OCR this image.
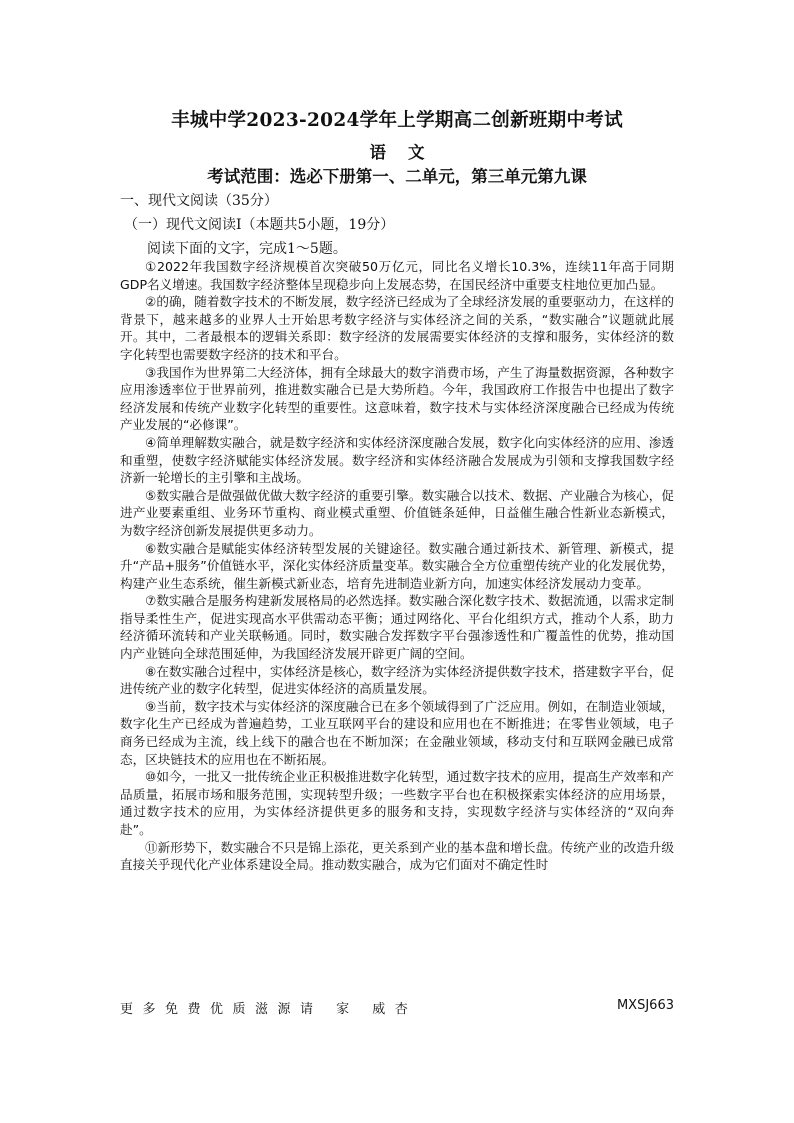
丰城中学2023-2024学年上学期高二创新班期中考试
语 文
考试范围：选必下册第一、二单元，第三单元第九课
一、现代文阅读（35分）
（一）现代文阅读Ⅰ（本题共5小题，19分）
阅读下面的文字，完成1～5题。

①2022年我国数字经济规模首次突破50万亿元，同比名义增长10.3%，连续11年高于同期GDP名义增速。我国数字经济整体呈现稳步向上发展态势，在国民经济中重要支柱地位更加凸显。

②的确，随着数字技术的不断发展，数字经济已经成为了全球经济发展的重要驱动力，在这样的背景下，越来越多的业界人士开始思考数字经济与实体经济之间的关系，“数实融合”议题就此展开。其中，二者最根本的逻辑关系即：数字经济的发展需要实体经济的支撑和服务，实体经济的数字化转型也需要数字经济的技术和平台。

③我国作为世界第二大经济体，拥有全球最大的数字消费市场，产生了海量数据资源，各种数字应用渗透率位于世界前列，推进数实融合已是大势所趋。今年，我国政府工作报告中也提出了数字经济发展和传统产业数字化转型的重要性。这意味着，数字技术与实体经济深度融合已经成为传统产业发展的“必修课”。

④简单理解数实融合，就是数字经济和实体经济深度融合发展，数字化向实体经济的应用、渗透和重塑，使数字经济赋能实体经济发展。数字经济和实体经济融合发展成为引领和支撑我国数字经济新一轮增长的主引擎和主战场。

⑤数实融合是做强做优做大数字经济的重要引擎。数实融合以技术、数据、产业融合为核心，促进产业要素重组、业务环节重构、商业模式重塑、价值链条延伸，日益催生融合性新业态新模式，为数字经济创新发展提供更多动力。

⑥数实融合是赋能实体经济转型发展的关键途径。数实融合通过新技术、新管理、新模式，提升“产品+服务”价值链水平，深化实体经济质量变革。数实融合全方位重塑传统产业的化发展优势，构建产业生态系统，催生新模式新业态，培育先进制造业新方向，加速实体经济发展动力变革。

⑦数实融合是服务构建新发展格局的必然选择。数实融合深化数字技术、数据流通，以需求定制指导柔性生产，促进实现高水平供需动态平衡；通过网络化、平台化组织方式，推动个人系，助力经济循环流转和产业关联畅通。同时，数实融合发挥数字平台强渗透性和广覆盖性的优势，推动国内产业链向全球范围延伸，为我国经济发展开辟更广阔的空间。

⑧在数实融合过程中，实体经济是核心，数字经济为实体经济提供数字技术，搭建数字平台，促进传统产业的数字化转型，促进实体经济的高质量发展。

⑨当前，数字技术与实体经济的深度融合已在多个领域得到了广泛应用。例如，在制造业领域，数字化生产已经成为普遍趋势，工业互联网平台的建设和应用也在不断推进；在零售业领域，电子商务已经成为主流，线上线下的融合也在不断加深；在金融业领域，移动支付和互联网金融已成常态，区块链技术的应用也在不断拓展。

⑩如今，一批又一批传统企业正积极推进数字化转型，通过数字技术的应用，提高生产效率和产品质量，拓展市场和服务范围，实现转型升级；一些数字平台也在积极探索实体经济的应用场景，通过数字技术的应用，为实体经济提供更多的服务和支持，实现数字经济与实体经济的“双向奔赴”。

⑪新形势下，数实融合不只是锦上添花，更关系到产业的基本盘和增长盘。传统产业的改造升级直接关乎现代化产业体系建设全局。推动数实融合，成为它们面对不确定性时

更多免费优质滋源请 家 威杏	MXSJ663
